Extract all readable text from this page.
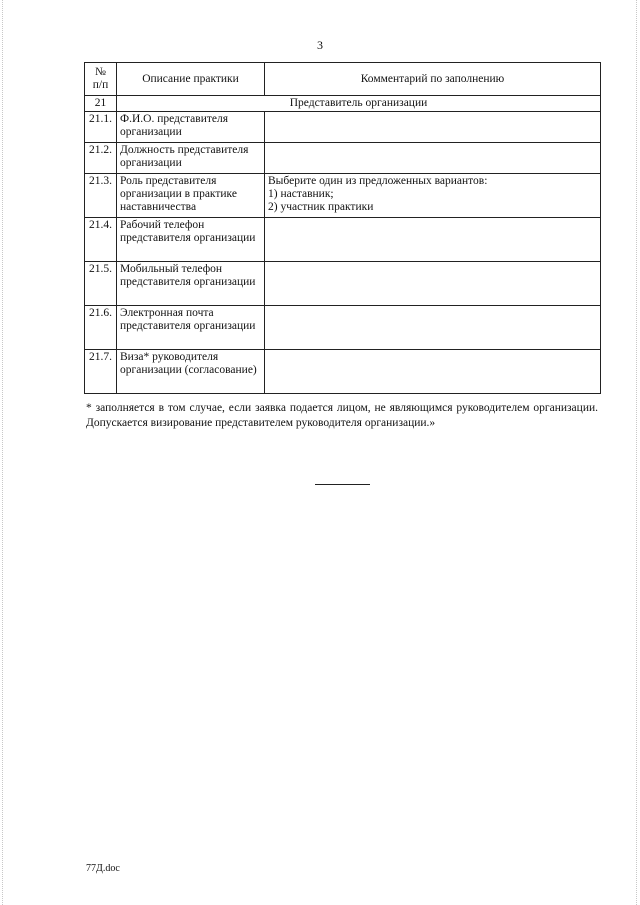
3
№
п/п	Описание практики	Комментарий по заполнению
21	Представитель организации	
21.1.	Ф.И.О. представителя организации	
21.2.	Должность представителя организации	
21.3.	Роль представителя организации в практике наставничества	Выберите один из предложенных вариантов:
1) наставник;
2) участник практики

21.4.	Рабочий телефон представителя организации	
21.5.	Мобильный телефон представителя организации	
21.6.	Электронная почта представителя организации	
21.7.	Виза* руководителя организации (согласование)	
* заполняется в том случае, если заявка подается лицом, не являющимся руководителем организации. Допускается визирование представителем руководителя организации.»
77Д.doc
